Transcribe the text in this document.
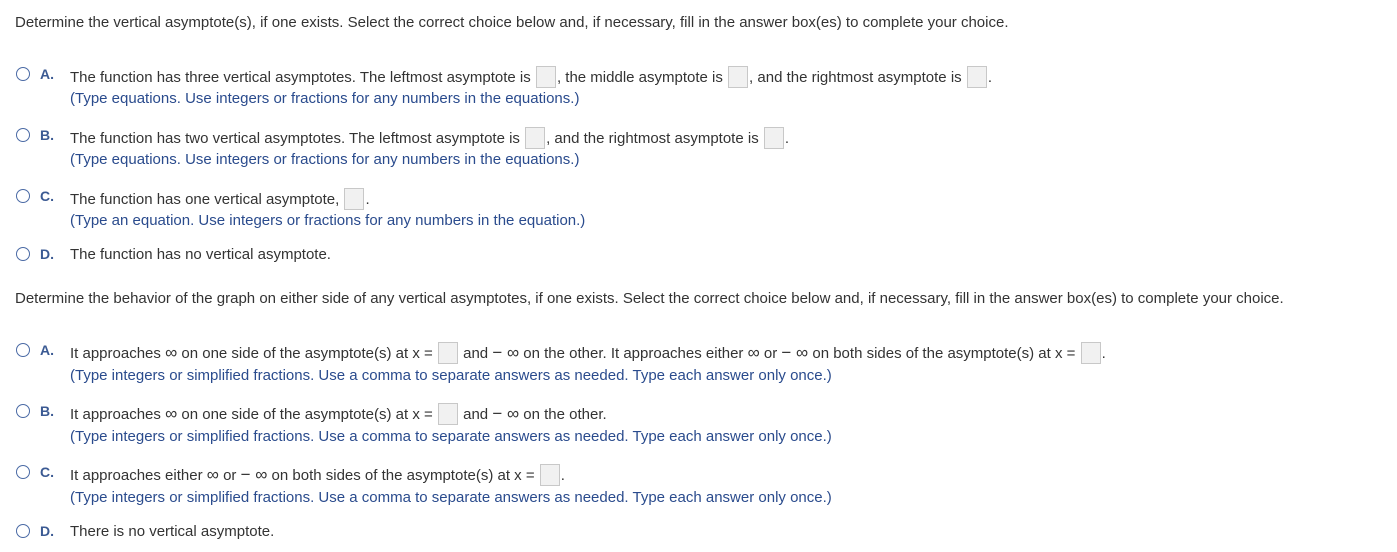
Determine the vertical asymptote(s), if one exists. Select the correct choice below and, if necessary, fill in the answer box(es) to complete your choice.
A. The function has three vertical asymptotes. The leftmost asymptote is , the middle asymptote is , and the rightmost asymptote is .
(Type equations. Use integers or fractions for any numbers in the equations.)
B. The function has two vertical asymptotes. The leftmost asymptote is , and the rightmost asymptote is .
(Type equations. Use integers or fractions for any numbers in the equations.)
C. The function has one vertical asymptote, .
(Type an equation. Use integers or fractions for any numbers in the equation.)
D. The function has no vertical asymptote.
Determine the behavior of the graph on either side of any vertical asymptotes, if one exists. Select the correct choice below and, if necessary, fill in the answer box(es) to complete your choice.
A. It approaches ∞ on one side of the asymptote(s) at x = and − ∞ on the other. It approaches either ∞ or − ∞ on both sides of the asymptote(s) at x = .
(Type integers or simplified fractions. Use a comma to separate answers as needed. Type each answer only once.)
B. It approaches ∞ on one side of the asymptote(s) at x = and − ∞ on the other.
(Type integers or simplified fractions. Use a comma to separate answers as needed. Type each answer only once.)
C. It approaches either ∞ or − ∞ on both sides of the asymptote(s) at x = .
(Type integers or simplified fractions. Use a comma to separate answers as needed. Type each answer only once.)
D. There is no vertical asymptote.
